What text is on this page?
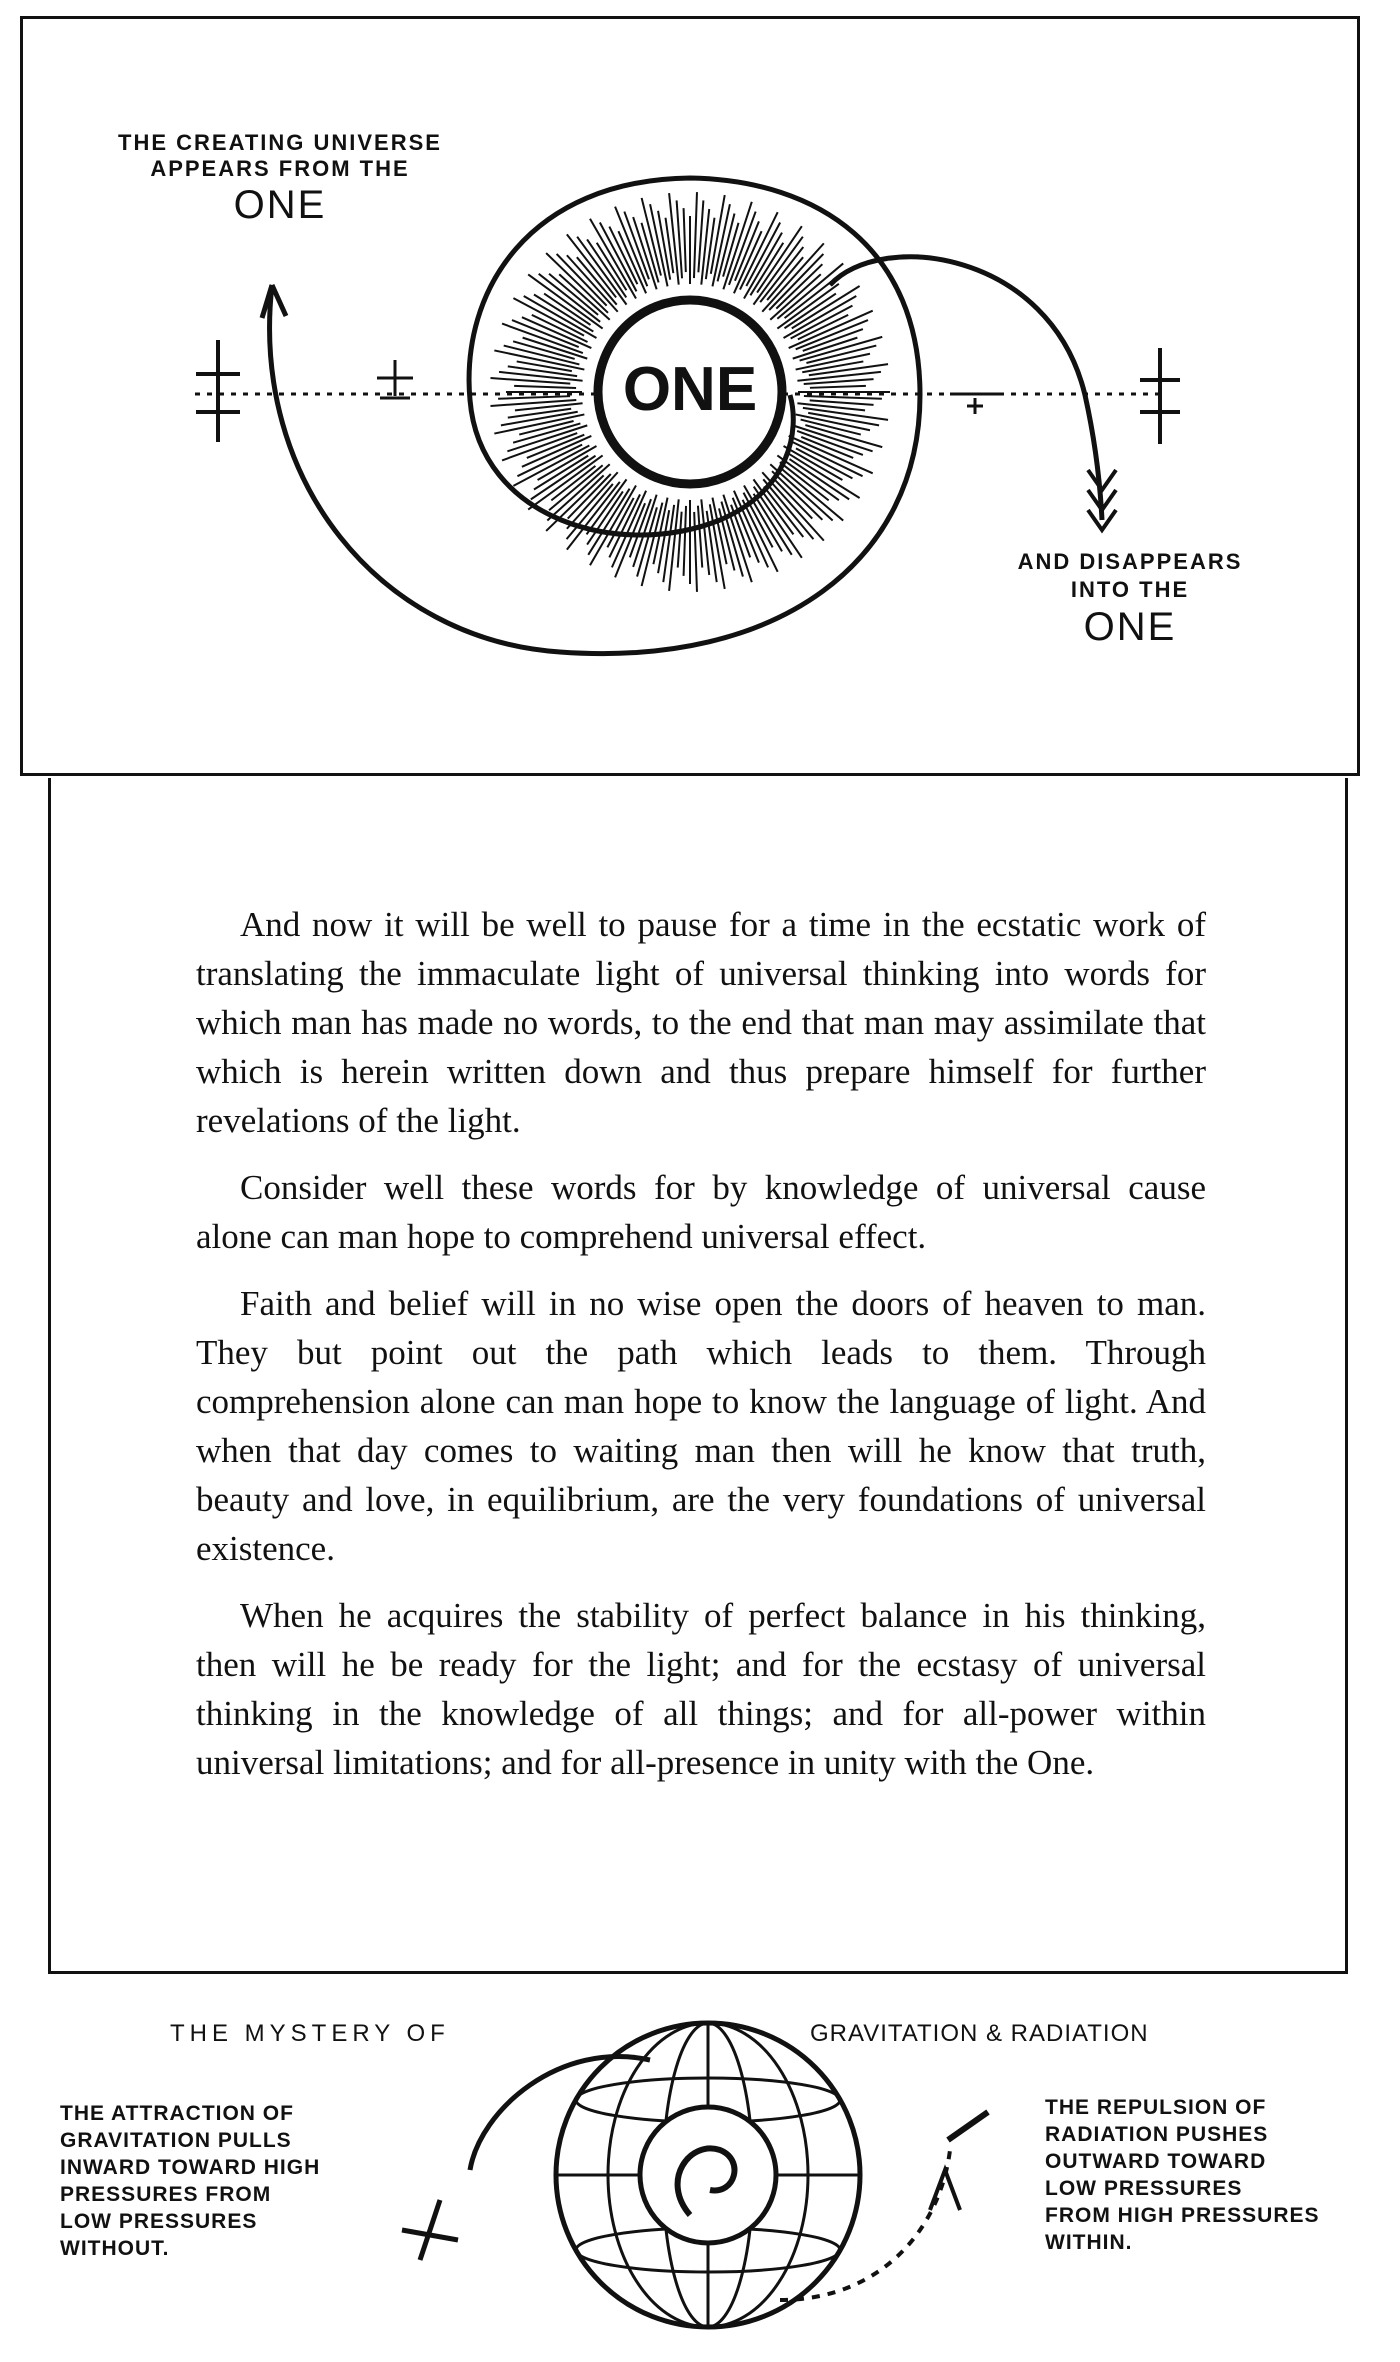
THE CREATING UNIVERSE
APPEARS FROM THE
ONE
ONE
AND DISAPPEARS
INTO THE
ONE

And now it will be well to pause for a time in the ecstatic work of translating the immaculate light of universal thinking into words for which man has made no words, to the end that man may assimilate that which is herein written down and thus prepare himself for further revelations of the light.

Consider well these words for by knowledge of universal cause alone can man hope to comprehend universal effect.

Faith and belief will in no wise open the doors of heaven to man. They but point out the path which leads to them. Through comprehension alone can man hope to know the language of light. And when that day comes to waiting man then will he know that truth, beauty and love, in equilibrium, are the very foundations of universal existence.

When he acquires the stability of perfect balance in his thinking, then will he be ready for the light; and for the ecstasy of universal thinking in the knowledge of all things; and for all-power within universal limitations; and for all-presence in unity with the One.

THE MYSTERY OF	GRAVITATION & RADIATION
THE ATTRACTION OF
GRAVITATION PULLS
INWARD TOWARD HIGH
PRESSURES FROM
LOW PRESSURES
WITHOUT.
THE REPULSION OF
RADIATION PUSHES
OUTWARD TOWARD
LOW PRESSURES
FROM HIGH PRESSURES
WITHIN.
